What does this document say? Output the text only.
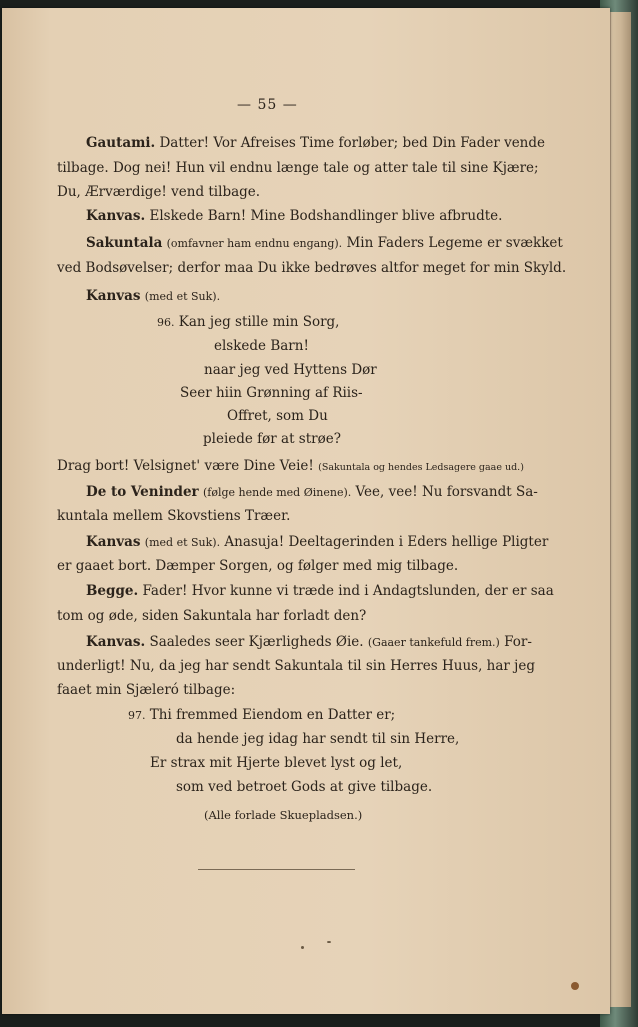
— 55 —
Gautami. Datter! Vor Afreises Time forløber; bed Din Fader vende
tilbage. Dog nei! Hun vil endnu længe tale og atter tale til sine Kjære;
Du, Ærværdige! vend tilbage.
Kanvas. Elskede Barn! Mine Bodshandlinger blive afbrudte.
Sakuntala (omfavner ham endnu engang). Min Faders Legeme er svækket
ved Bodsøvelser; derfor maa Du ikke bedrøves altfor meget for min Skyld.
Kanvas (med et Suk).
96. Kan jeg stille min Sorg,
elskede Barn!
naar jeg ved Hyttens Dør
Seer hiin Grønning af Riis-
Offret, som Du
pleiede før at strøe?
Drag bort! Velsignet' være Dine Veie! (Sakuntala og hendes Ledsagere gaae ud.)
De to Veninder (følge hende med Øinene). Vee, vee! Nu forsvandt Sa-
kuntala mellem Skovstiens Træer.
Kanvas (med et Suk). Anasuja! Deeltagerinden i Eders hellige Pligter
er gaaet bort. Dæmper Sorgen, og følger med mig tilbage.
Begge. Fader! Hvor kunne vi træde ind i Andagtslunden, der er saa
tom og øde, siden Sakuntala har forladt den?
Kanvas. Saaledes seer Kjærligheds Øie. (Gaaer tankefuld frem.) For-
underligt! Nu, da jeg har sendt Sakuntala til sin Herres Huus, har jeg
faaet min Sjæleró tilbage:
97. Thi fremmed Eiendom en Datter er;
da hende jeg idag har sendt til sin Herre,
Er strax mit Hjerte blevet lyst og let,
som ved betroet Gods at give tilbage.
(Alle forlade Skuepladsen.)
